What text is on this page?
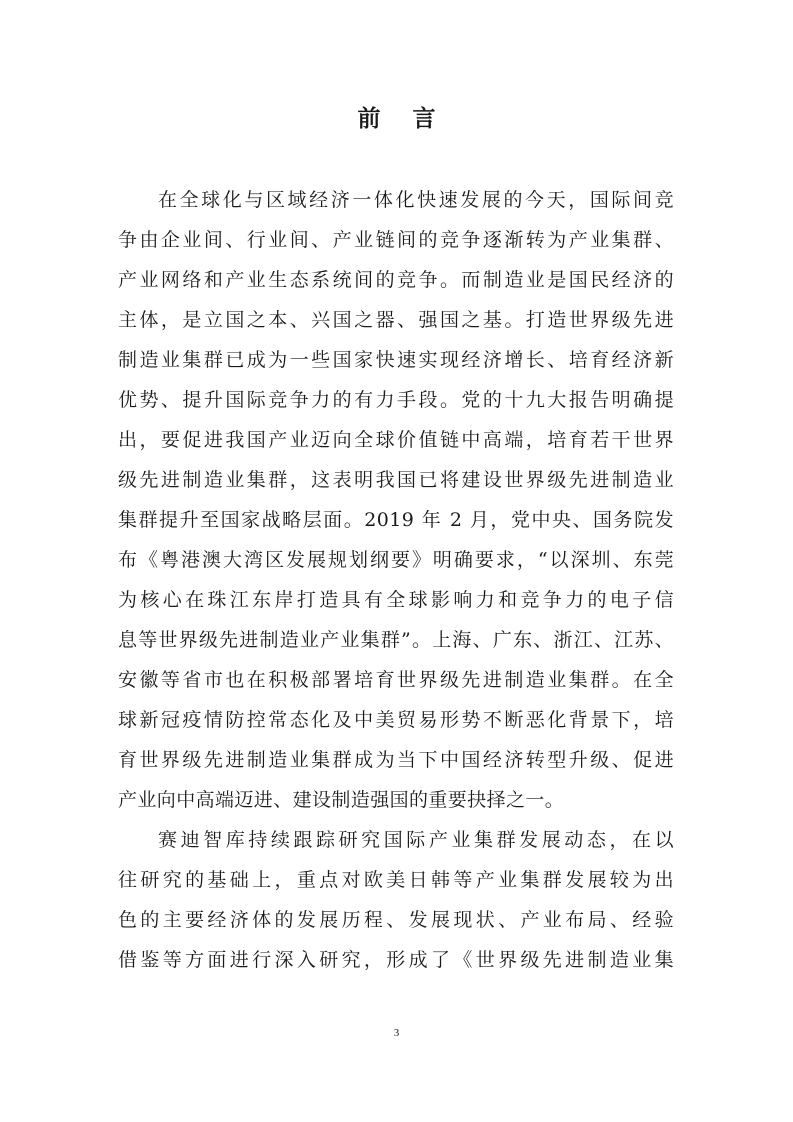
前 言
在全球化与区域经济一体化快速发展的今天，国际间竞
争由企业间、行业间、产业链间的竞争逐渐转为产业集群、
产业网络和产业生态系统间的竞争。而制造业是国民经济的
主体，是立国之本、兴国之器、强国之基。打造世界级先进
制造业集群已成为一些国家快速实现经济增长、培育经济新
优势、提升国际竞争力的有力手段。党的十九大报告明确提
出，要促进我国产业迈向全球价值链中高端，培育若干世界
级先进制造业集群，这表明我国已将建设世界级先进制造业
集群提升至国家战略层面。2019 年 2 月，党中央、国务院发
布《粤港澳大湾区发展规划纲要》明确要求，“以深圳、东莞
为核心在珠江东岸打造具有全球影响力和竞争力的电子信
息等世界级先进制造业产业集群”。上海、广东、浙江、江苏、
安徽等省市也在积极部署培育世界级先进制造业集群。在全
球新冠疫情防控常态化及中美贸易形势不断恶化背景下，培
育世界级先进制造业集群成为当下中国经济转型升级、促进
产业向中高端迈进、建设制造强国的重要抉择之一。
赛迪智库持续跟踪研究国际产业集群发展动态，在以
往研究的基础上，重点对欧美日韩等产业集群发展较为出
色的主要经济体的发展历程、发展现状、产业布局、经验
借鉴等方面进行深入研究，形成了《世界级先进制造业集
3
